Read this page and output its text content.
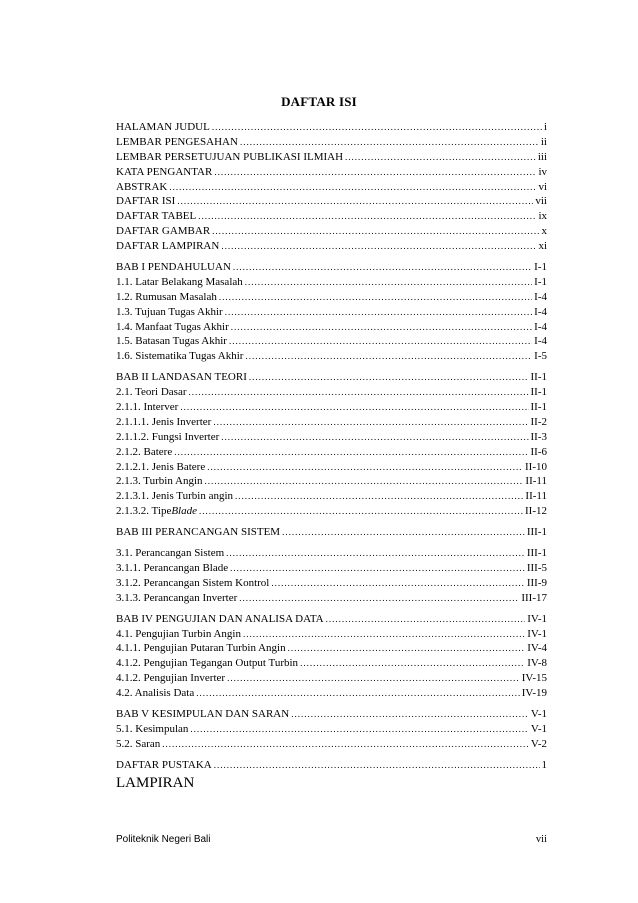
DAFTAR ISI
HALAMAN JUDUL .....	i
LEMBAR PENGESAHAN .....	ii
LEMBAR PERSETUJUAN PUBLIKASI ILMIAH .....	iii
KATA PENGANTAR .....	iv
ABSTRAK .....	vi
DAFTAR ISI .....	vii
DAFTAR TABEL .....	ix
DAFTAR GAMBAR .....	x
DAFTAR LAMPIRAN .....	xi
BAB I PENDAHULUAN .....	I-1
1.1. Latar Belakang Masalah .....	I-1
1.2. Rumusan Masalah .....	I-4
1.3. Tujuan Tugas Akhir .....	I-4
1.4. Manfaat Tugas Akhir .....	I-4
1.5. Batasan Tugas Akhir .....	I-4
1.6. Sistematika Tugas Akhir .....	I-5
BAB II LANDASAN TEORI .....	II-1
2.1. Teori Dasar .....	II-1
2.1.1. Interver .....	II-1
2.1.1.1. Jenis Inverter .....	II-2
2.1.1.2. Fungsi Inverter .....	II-3
2.1.2. Batere .....	II-6
2.1.2.1. Jenis Batere .....	II-10
2.1.3. Turbin Angin .....	II-11
2.1.3.1. Jenis Turbin angin .....	II-11
2.1.3.2. Tipe Blade .....	II-12
BAB III PERANCANGAN SISTEM .....	III-1
3.1. Perancangan Sistem .....	III-1
3.1.1. Perancangan Blade .....	III-5
3.1.2. Perancangan Sistem Kontrol .....	III-9
3.1.3. Perancangan Inverter .....	III-17
BAB IV PENGUJIAN DAN ANALISA DATA .....	IV-1
4.1. Pengujian Turbin Angin .....	IV-1
4.1.1. Pengujian Putaran Turbin Angin .....	IV-4
4.1.2. Pengujian Tegangan Output Turbin .....	IV-8
4.1.2. Pengujian Inverter .....	IV-15
4.2. Analisis Data .....	IV-19
BAB V KESIMPULAN DAN SARAN .....	V-1
5.1. Kesimpulan .....	V-1
5.2. Saran .....	V-2
DAFTAR PUSTAKA .....	1
LAMPIRAN
Politeknik Negeri Bali	vii
